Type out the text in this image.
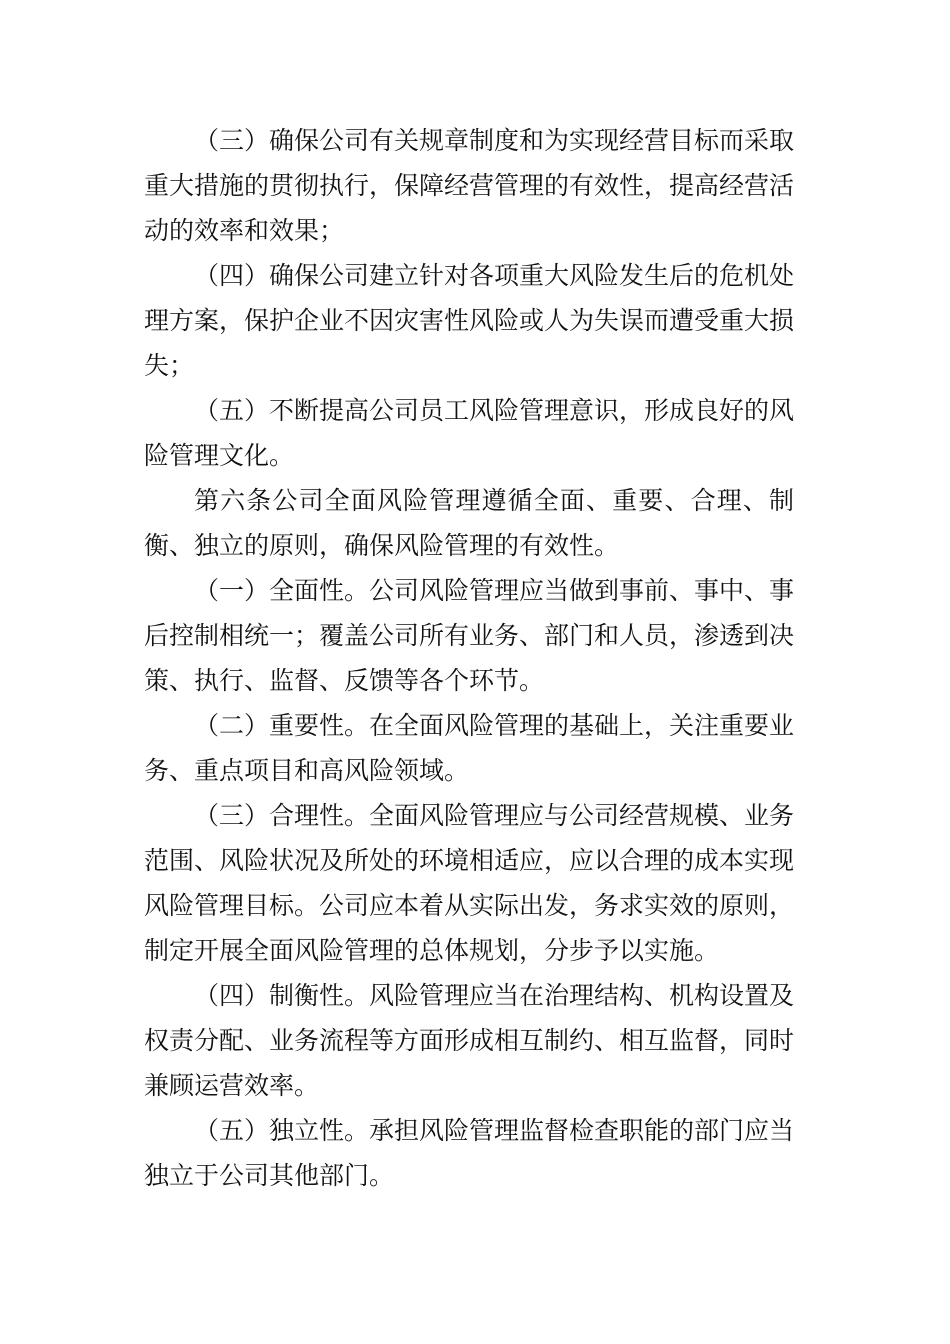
（三）确保公司有关规章制度和为实现经营目标而采取重大措施的贯彻执行，保障经营管理的有效性，提高经营活动的效率和效果；

（四）确保公司建立针对各项重大风险发生后的危机处理方案，保护企业不因灾害性风险或人为失误而遭受重大损失；

（五）不断提高公司员工风险管理意识，形成良好的风险管理文化。

第六条公司全面风险管理遵循全面、重要、合理、制衡、独立的原则，确保风险管理的有效性。

（一）全面性。公司风险管理应当做到事前、事中、事后控制相统一；覆盖公司所有业务、部门和人员，渗透到决策、执行、监督、反馈等各个环节。

（二）重要性。在全面风险管理的基础上，关注重要业务、重点项目和高风险领域。

（三）合理性。全面风险管理应与公司经营规模、业务范围、风险状况及所处的环境相适应，应以合理的成本实现风险管理目标。公司应本着从实际出发，务求实效的原则，制定开展全面风险管理的总体规划，分步予以实施。

（四）制衡性。风险管理应当在治理结构、机构设置及权责分配、业务流程等方面形成相互制约、相互监督，同时兼顾运营效率。

（五）独立性。承担风险管理监督检查职能的部门应当独立于公司其他部门。
